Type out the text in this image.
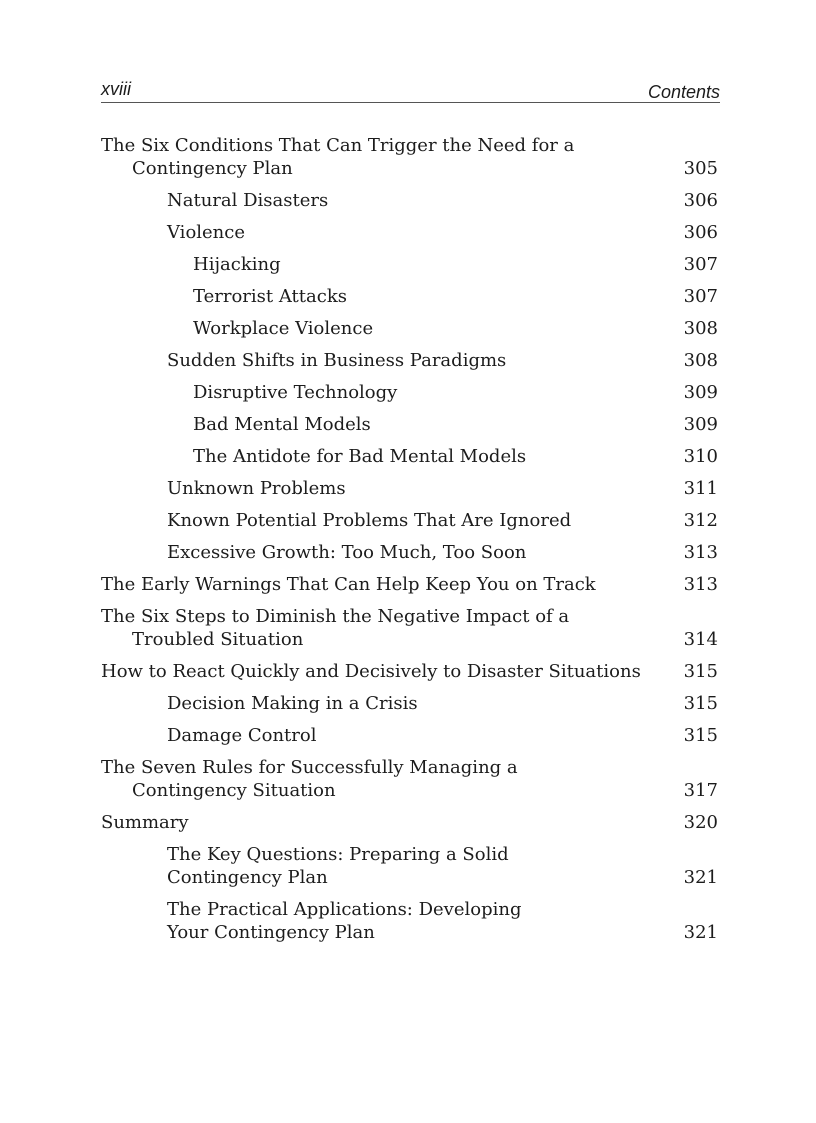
xviii	Contents
The Six Conditions That Can Trigger the Need for a
Contingency Plan	305
Natural Disasters	306
Violence	306
Hijacking	307
Terrorist Attacks	307
Workplace Violence	308
Sudden Shifts in Business Paradigms	308
Disruptive Technology	309
Bad Mental Models	309
The Antidote for Bad Mental Models	310
Unknown Problems	311
Known Potential Problems That Are Ignored	312
Excessive Growth: Too Much, Too Soon	313
The Early Warnings That Can Help Keep You on Track	313
The Six Steps to Diminish the Negative Impact of a
Troubled Situation	314
How to React Quickly and Decisively to Disaster Situations 315
Decision Making in a Crisis	315
Damage Control	315
The Seven Rules for Successfully Managing a
Contingency Situation	317
Summary	320
The Key Questions: Preparing a Solid
Contingency Plan	321
The Practical Applications: Developing
Your Contingency Plan	321
